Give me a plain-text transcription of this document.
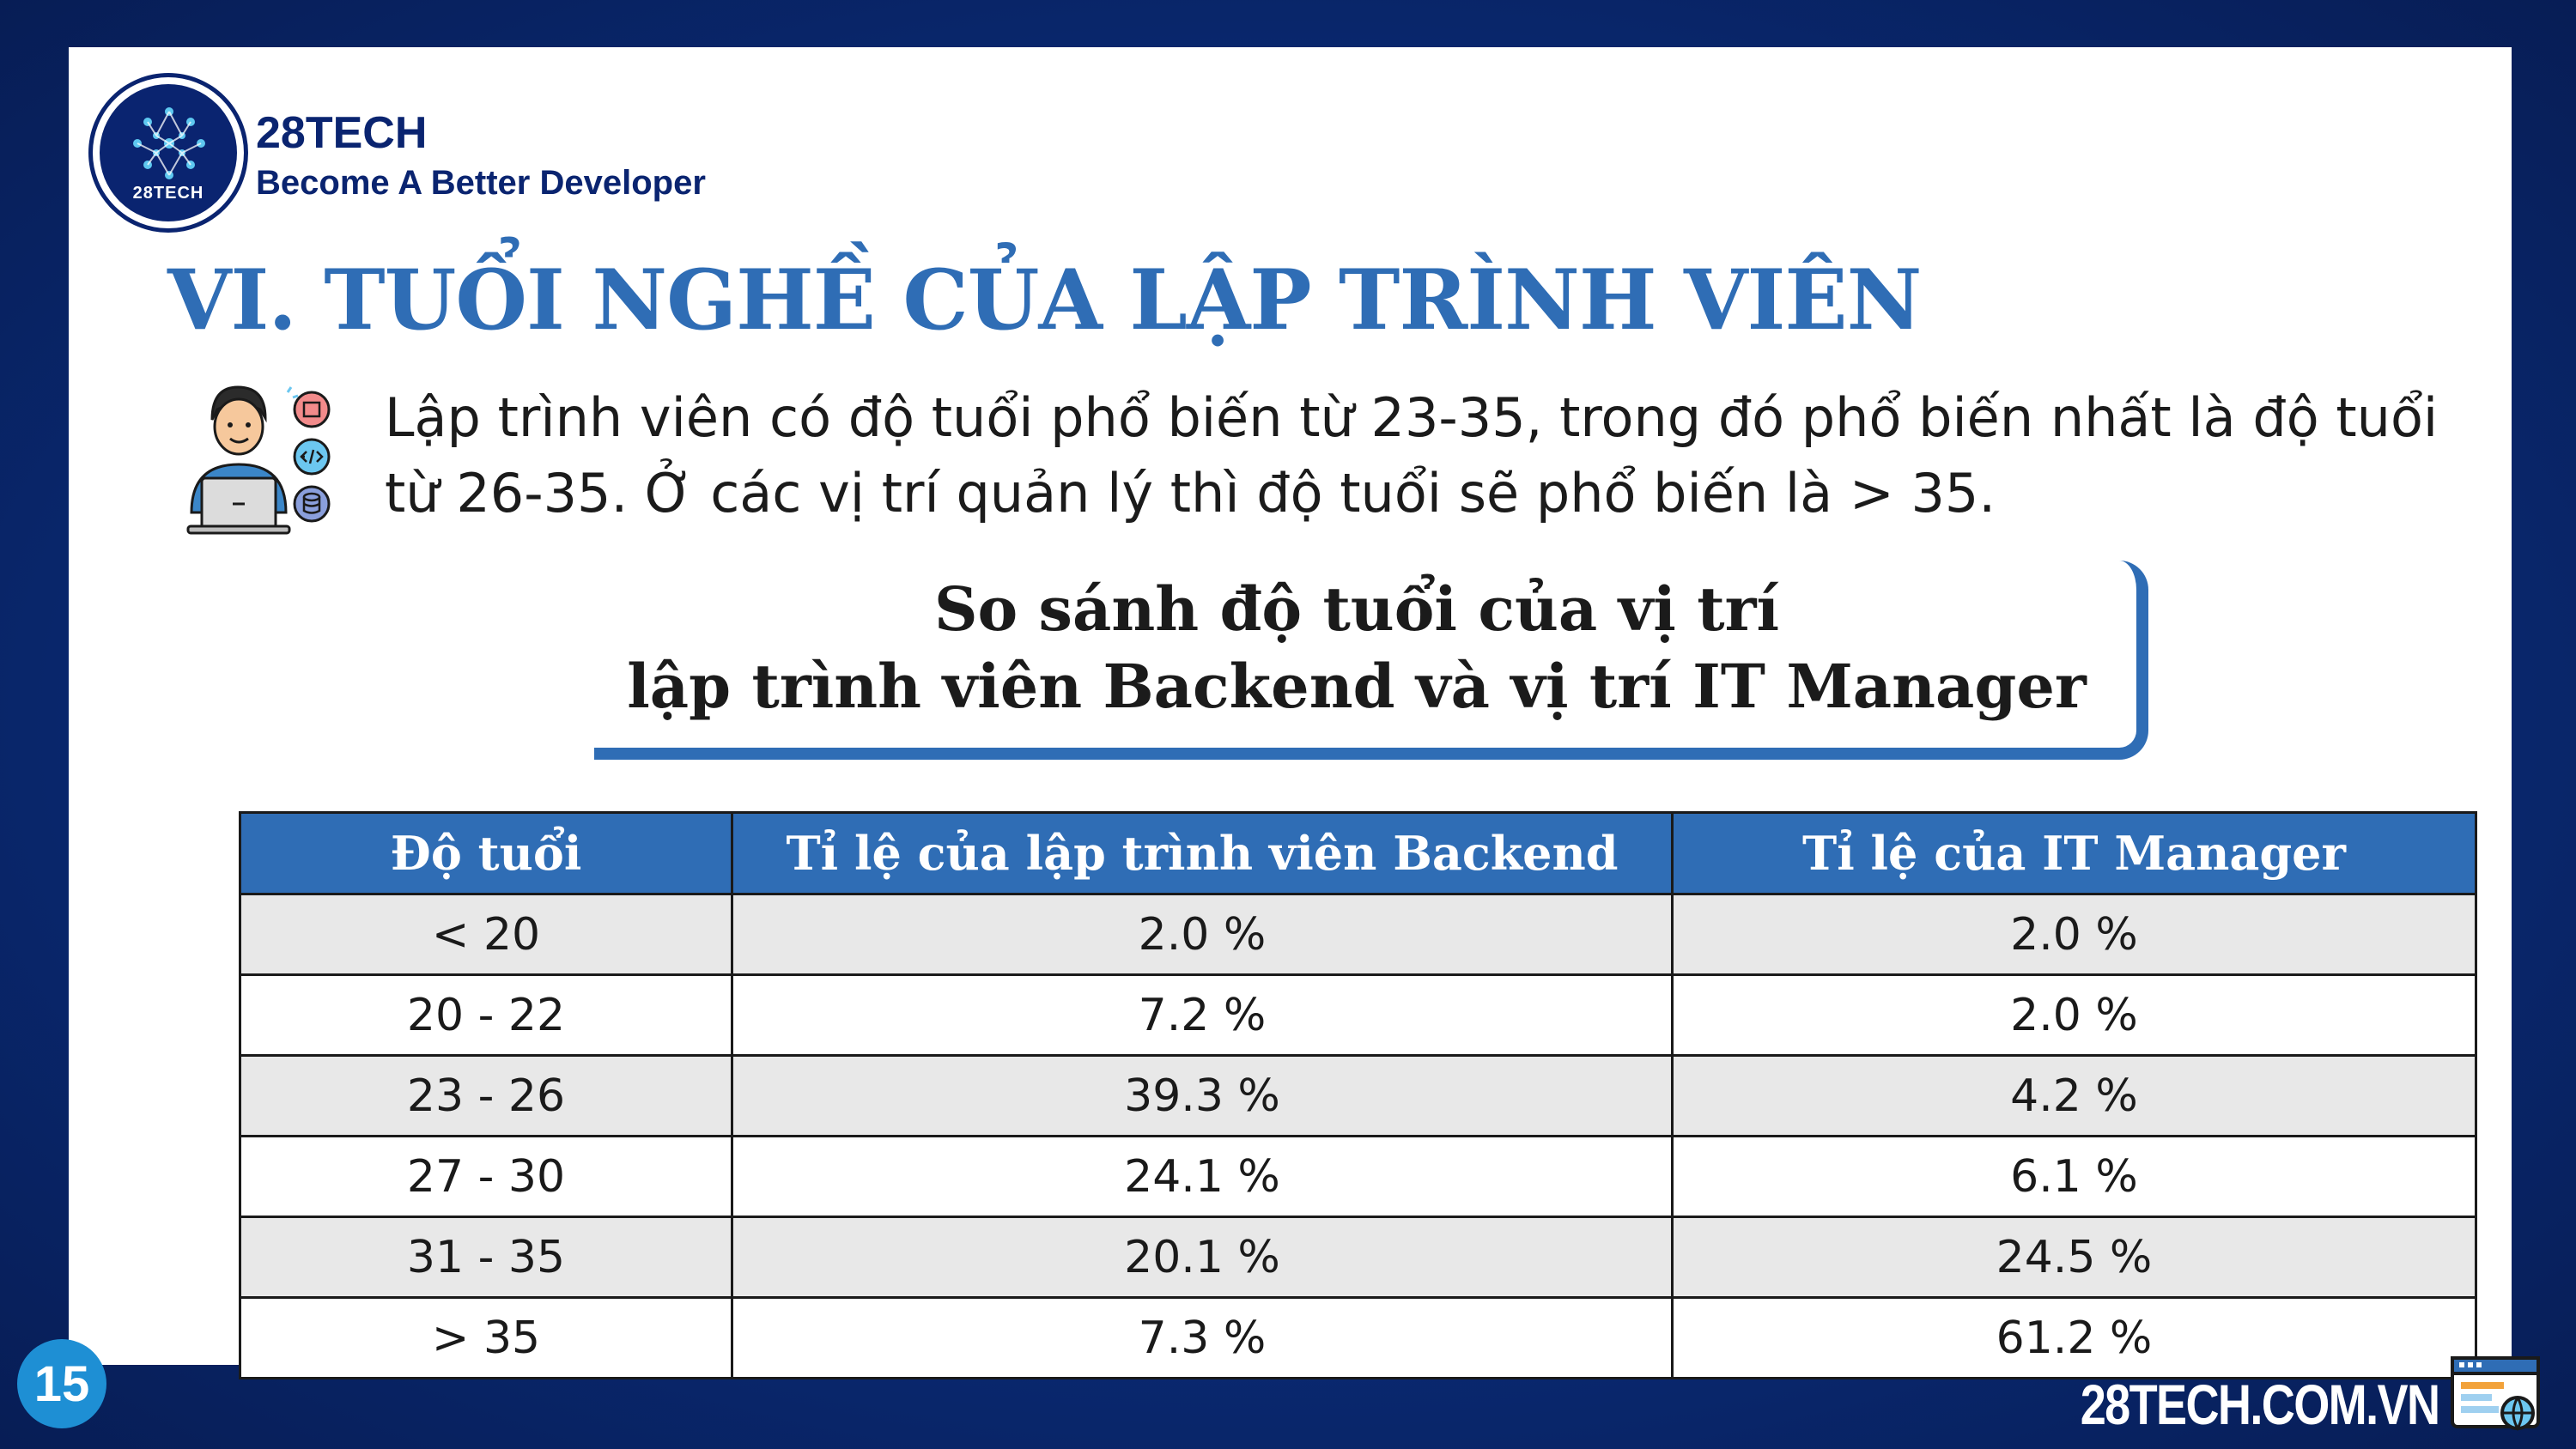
28TECH
28TECH
Become A Better Developer
VI. TUỔI NGHỀ CỦA LẬP TRÌNH VIÊN

Lập trình viên có độ tuổi phổ biến từ 23-35, trong đó phổ biến nhất là độ tuổi từ 26-35. Ở các vị trí quản lý thì độ tuổi sẽ phổ biến là > 35.

So sánh độ tuổi của vị trí
lập trình viên Backend và vị trí IT Manager
Độ tuổi	Tỉ lệ của lập trình viên Backend	Tỉ lệ của IT Manager
< 20	2.0 %	2.0 %
20 - 22	7.2 %	2.0 %
23 - 26	39.3 %	4.2 %
27 - 30	24.1 %	6.1 %
31 - 35	20.1 %	24.5 %
> 35	7.3 %	61.2 %
15	28TECH.COM.VN
